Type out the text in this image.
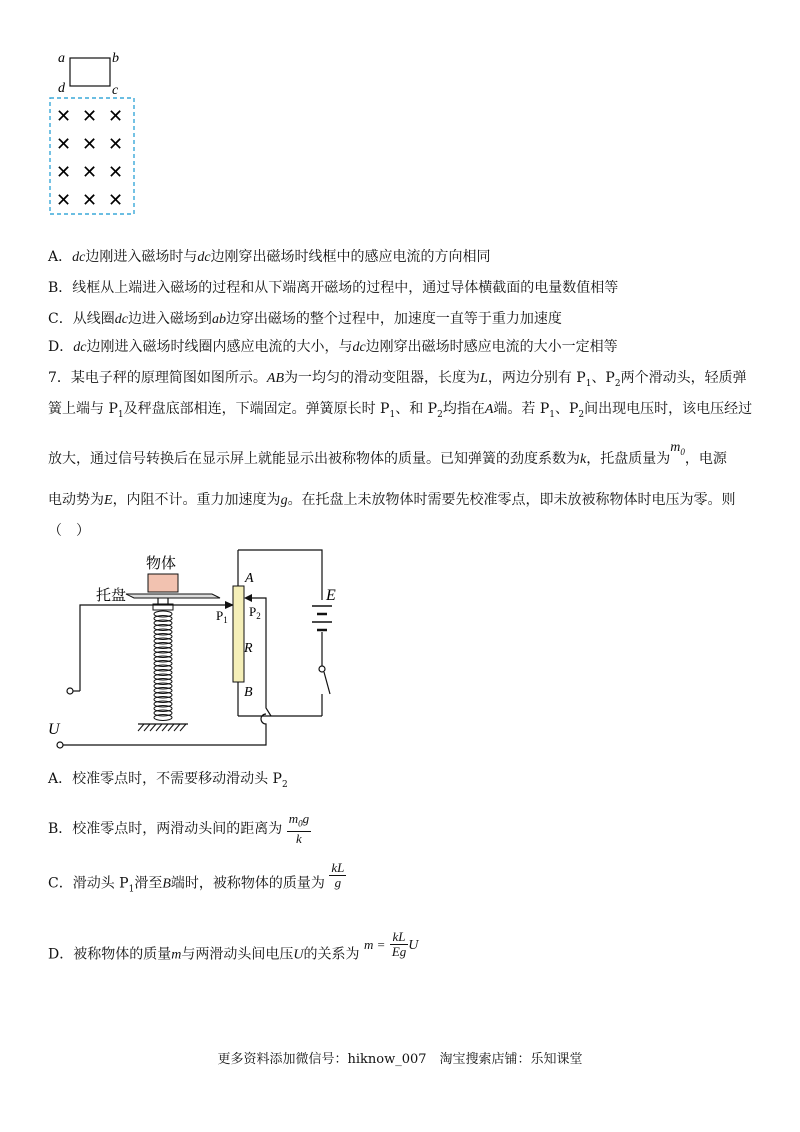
a	b
d	c
✕ ✕ ✕
✕ ✕ ✕
✕ ✕ ✕
✕ ✕ ✕
A．dc边刚进入磁场时与dc边刚穿出磁场时线框中的感应电流的方向相同
B．线框从上端进入磁场的过程和从下端离开磁场的过程中，通过导体横截面的电量数值相等
C．从线圈dc边进入磁场到ab边穿出磁场的整个过程中，加速度一直等于重力加速度
D．dc边刚进入磁场时线圈内感应电流的大小，与dc边刚穿出磁场时感应电流的大小一定相等
7．某电子秤的原理简图如图所示。AB为一均匀的滑动变阻器，长度为L，两边分别有 $P_1$、$P_2$两个滑动头，轻质弹
簧上端与 $P_1$及秤盘底部相连，下端固定。弹簧原长时 $P_1$、和 $P_2$均指在A端。若 $P_1$、$P_2$间出现电压时，该电压经过
放大，通过信号转换后在显示屏上就能显示出被称物体的质量。已知弹簧的劲度系数为k，托盘质量为$m_0$，电源
电动势为E，内阻不计。重力加速度为g。在托盘上未放物体时需要先校准零点，即未放被称物体时电压为零。则
（　）
物体
托盘
U
A
R
B
$P_1$
$P_2$
E
A．校准零点时，不需要移动滑动头 $P_2$
B．校准零点时，两滑动头间的距离为 $\frac{m_0g}{k}$
C．滑动头 $P_1$滑至B端时，被称物体的质量为 $\frac{kL}{g}$
D．被称物体的质量m与两滑动头间电压U的关系为 $m = \frac{kL}{Eg}$ U
更多资料添加微信号：hiknow_007　淘宝搜索店铺：乐知课堂
